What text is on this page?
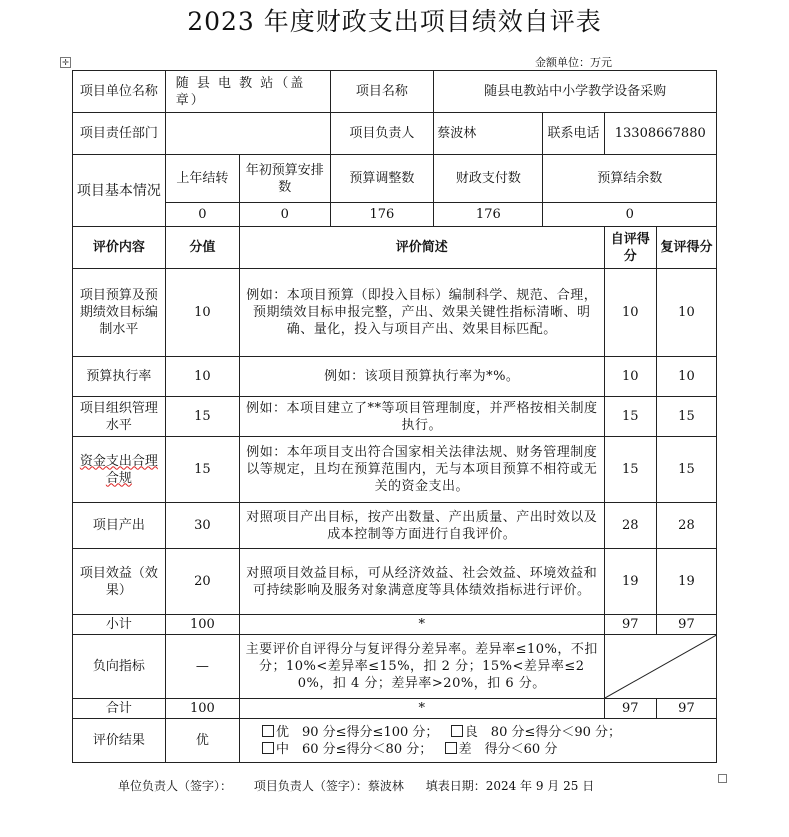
2023 年度财政支出项目绩效自评表
金额单位：万元
✛
项目单位名称	随 县 电 教 站（盖章）		项目名称	随县电教站中小学教学设备采购			
项目责任部门			项目负责人	蔡波林	联系电话	13308667880	
项目基本情况	上年结转	年初预算安排数	预算调整数	财政支付数	预算结余数		
	0	0	176	176	0		
评价内容	分值	评价简述				自评得分	复评得分
项目预算及预期绩效目标编制水平	10	例如：本项目预算（即投入目标）编制科学、规范、合理，预期绩效目标申报完整，产出、效果关键性指标清晰、明确、量化，投入与项目产出、效果目标匹配。				10	10
预算执行率	10	例如：该项目预算执行率为*%。				10	10
项目组织管理水平	15	例如：本项目建立了**等项目管理制度，并严格按相关制度执行。				15	15
资金支出合理合规	15	例如：本年项目支出符合国家相关法律法规、财务管理制度以等规定，且均在预算范围内，无与本项目预算不相符或无关的资金支出。				15	15
项目产出	30	对照项目产出目标，按产出数量、产出质量、产出时效以及成本控制等方面进行自我评价。				28	28
项目效益（效果）	20	对照项目效益目标，可从经济效益、社会效益、环境效益和可持续影响及服务对象满意度等具体绩效指标进行评价。				19	19
小计	100	*				97	97
负向指标	—	主要评价自评得分与复评得分差异率。差异率≤10%，不扣分；10%<差异率≤15%，扣 2 分；15%<差异率≤20%，扣 4 分；差异率>20%，扣 6 分。	

合计	100	*				97	97
评价结果	优	优　90 分≤得分≤100 分； 良　80 分≤得分＜90 分；
中　60 分≤得分＜80 分； 差　得分＜60 分					
单位负责人（签字）： 项目负责人（签字）：蔡波林 填表日期：2024 年 9 月 25 日
